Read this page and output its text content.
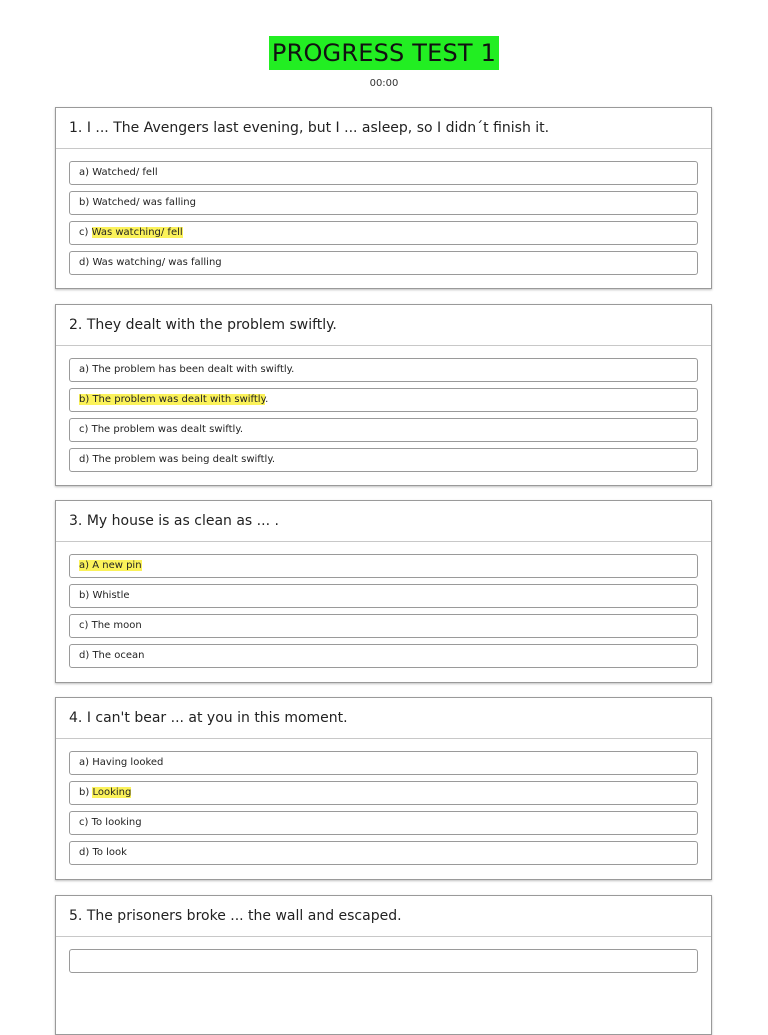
PROGRESS TEST 1
00:00
1. I ... The Avengers last evening, but I ... asleep, so I didn´t finish it.
a) Watched/ fell
b) Watched/ was falling
c) Was watching/ fell
d) Was watching/ was falling
2. They dealt with the problem swiftly.
a) The problem has been dealt with swiftly.
b) The problem was dealt with swiftly.
c) The problem was dealt swiftly.
d) The problem was being dealt swiftly.
3. My house is as clean as ... .
a) A new pin
b) Whistle
c) The moon
d) The ocean
4. I can't bear ... at you in this moment.
a) Having looked
b) Looking
c) To looking
d) To look
5. The prisoners broke ... the wall and escaped.
